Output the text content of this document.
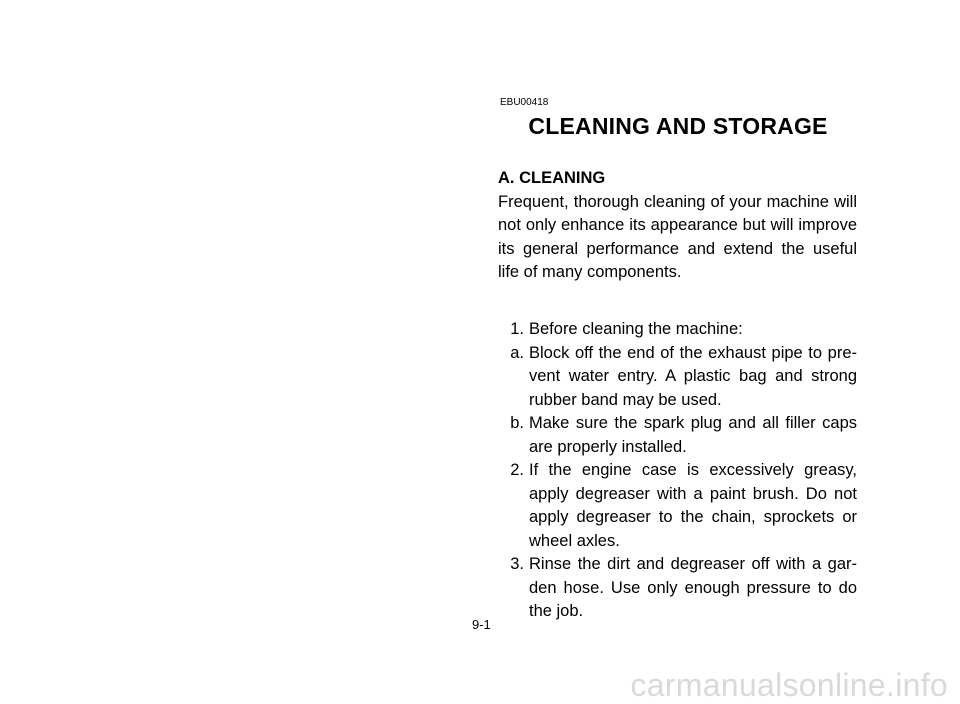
EBU00418
CLEANING AND STORAGE
A. CLEANING

Frequent, thorough cleaning of your machine will not only enhance its appearance but will improve its general performance and extend the useful life of many components.

1. Before cleaning the machine:
a. Block off the end of the exhaust pipe to pre-vent water entry. A plastic bag and strong rubber band may be used.
b. Make sure the spark plug and all filler caps are properly installed.
2. If the engine case is excessively greasy, apply degreaser with a paint brush. Do not apply degreaser to the chain, sprockets or wheel axles.
3. Rinse the dirt and degreaser off with a gar-den hose. Use only enough pressure to do the job.
9-1
carmanualsonline.info
